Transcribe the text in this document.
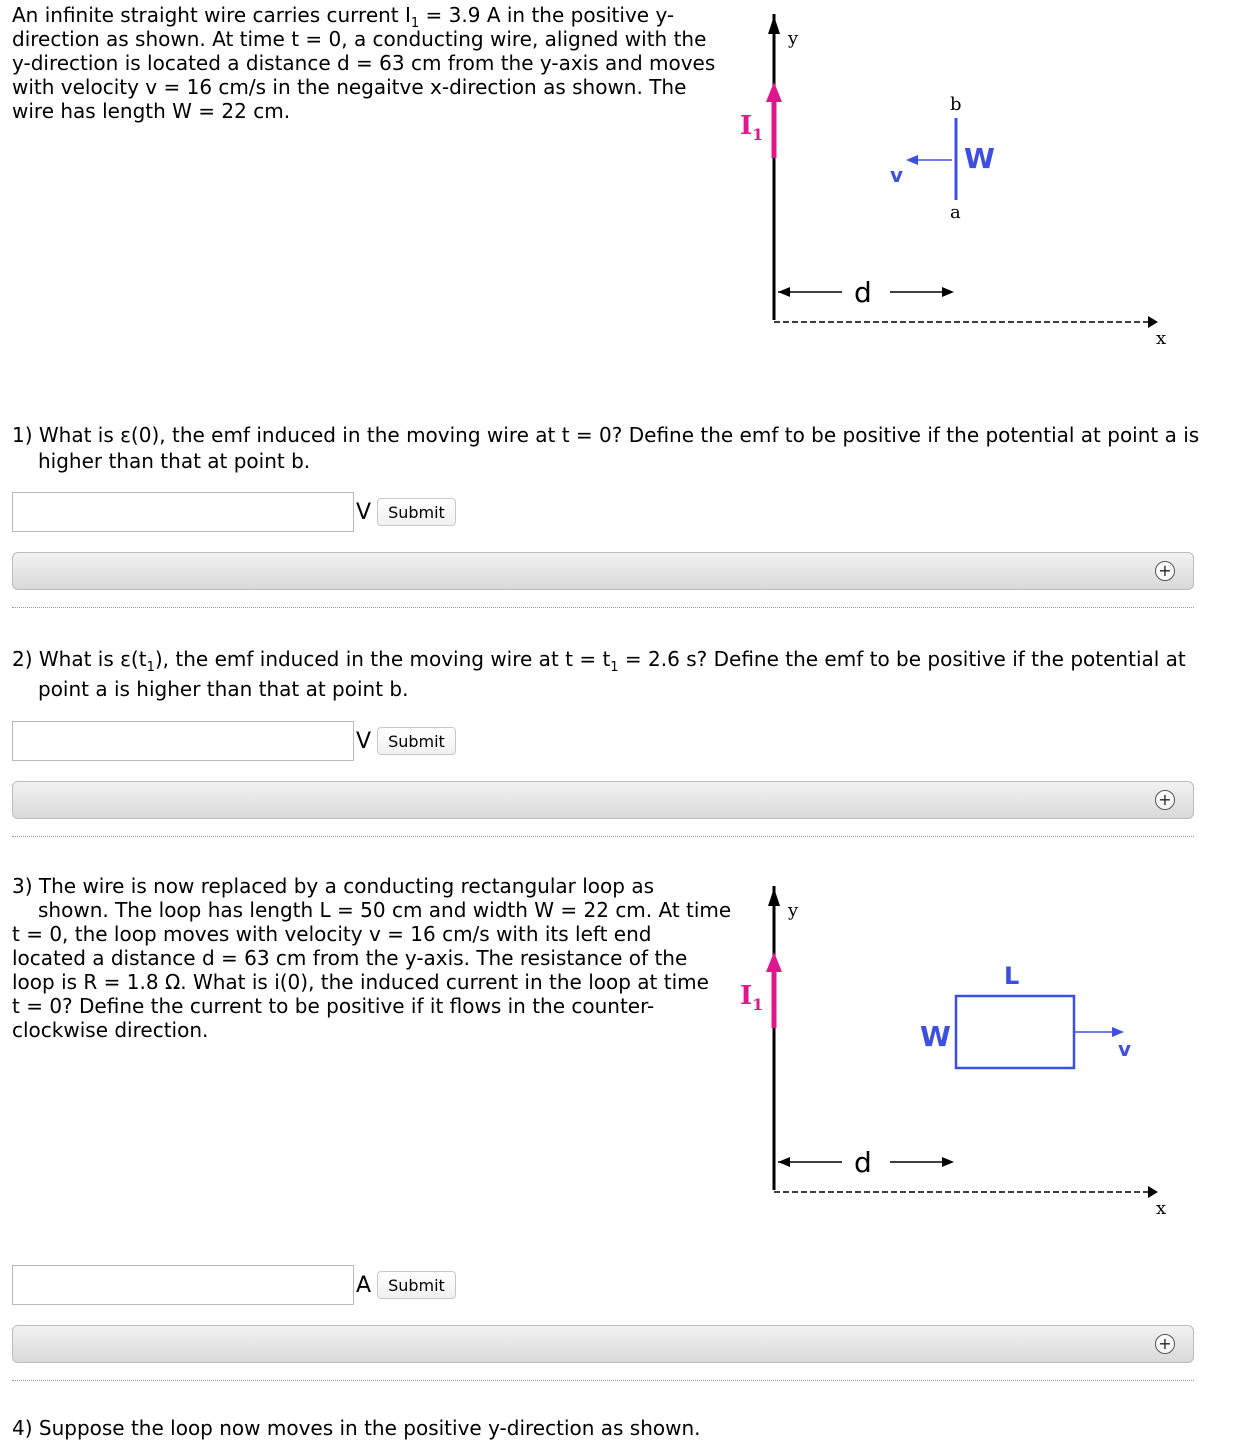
An infinite straight wire carries current $I_1 = 3.9$ A in the positive y-

direction as shown. At time t = 0, a conducting wire, aligned with the

y-direction is located a distance d = 63 cm from the y-axis and moves

with velocity v = 16 cm/s in the negaitve x-direction as shown. The

wire has length W = 22 cm.

y
x
$I_1$
d
v W
b
a
1) What is ε(0), the emf induced in the moving wire at t = 0? Define the emf to be positive if the potential at point a is
higher than that at point b.
V	Submit
+
2) What is $\varepsilon(t_1)$, the emf induced in the moving wire at $t = t_1 = 2.6$ s? Define the emf to be positive if the potential at
point a is higher than that at point b.
V	Submit
+

3) The wire is now replaced by a conducting rectangular loop as

shown. The loop has length L = 50 cm and width W = 22 cm. At time

t = 0, the loop moves with velocity v = 16 cm/s with its left end

located a distance d = 63 cm from the y-axis. The resistance of the

loop is R = 1.8 Ω. What is i(0), the induced current in the loop at time

t = 0? Define the current to be positive if it flows in the counter-

clockwise direction.

y
x
$I_1$
d
v
W
L
A	Submit
+

4) Suppose the loop now moves in the positive y-direction as shown.
